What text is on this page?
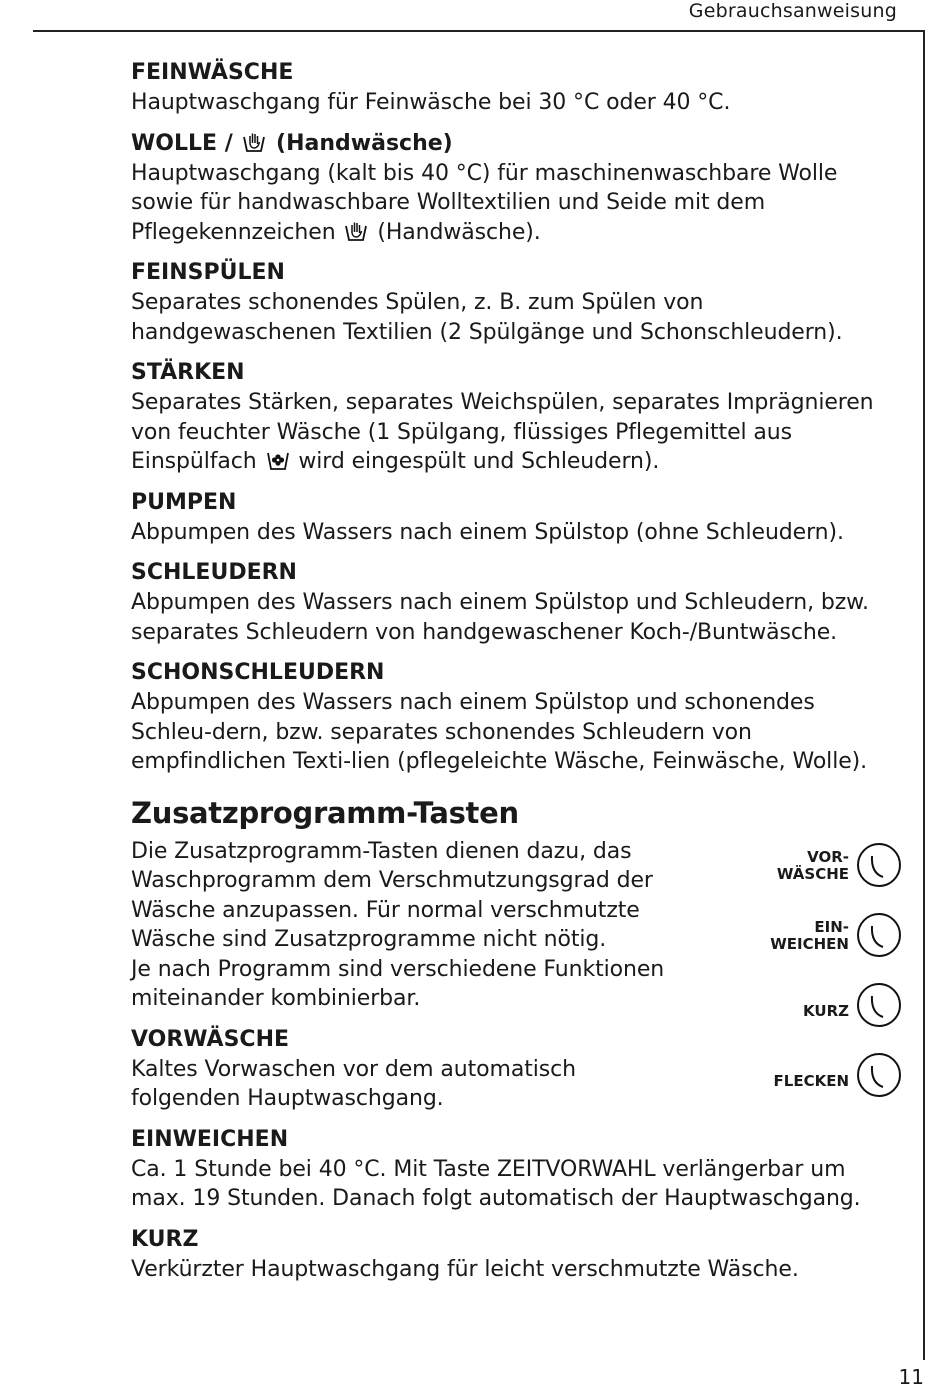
Gebrauchsanweisung
FEINWÄSCHE

Hauptwaschgang für Feinwäsche bei 30 °C oder 40 °C.

WOLLE /  (Handwäsche)

Hauptwaschgang (kalt bis 40 °C) für maschinenwaschbare Wolle sowie für handwaschbare Wolltextilien und Seide mit dem Pflegekennzeichen  (Handwäsche).

FEINSPÜLEN

Separates schonendes Spülen, z. B. zum Spülen von handgewaschenen Textilien (2 Spülgänge und Schonschleudern).

STÄRKEN

Separates Stärken, separates Weichspülen, separates Imprägnieren von feuchter Wäsche (1 Spülgang, flüssiges Pflegemittel aus Einspülfach  wird eingespült und Schleudern).

PUMPEN

Abpumpen des Wassers nach einem Spülstop (ohne Schleudern).

SCHLEUDERN

Abpumpen des Wassers nach einem Spülstop und Schleudern, bzw. separates Schleudern von handgewaschener Koch-/Buntwäsche.

SCHONSCHLEUDERN

Abpumpen des Wassers nach einem Spülstop und schonendes Schleu-dern, bzw. separates schonendes Schleudern von empfindlichen Texti-lien (pflegeleichte Wäsche, Feinwäsche, Wolle).

Zusatzprogramm-Tasten

Die Zusatzprogramm-Tasten dienen dazu, das Waschprogramm dem Verschmutzungsgrad der Wäsche anzupassen. Für normal verschmutzte Wäsche sind Zusatzprogramme nicht nötig.

Je nach Programm sind verschiedene Funktionen miteinander kombinierbar.

VORWÄSCHE

Kaltes Vorwaschen vor dem automatisch folgenden Hauptwaschgang.

VOR-
WÄSCHE
EIN-
WEICHEN
KURZ
FLECKEN
EINWEICHEN

Ca. 1 Stunde bei 40 °C. Mit Taste ZEITVORWAHL verlängerbar um max. 19 Stunden. Danach folgt automatisch der Hauptwaschgang.

KURZ

Verkürzter Hauptwaschgang für leicht verschmutzte Wäsche.

11
